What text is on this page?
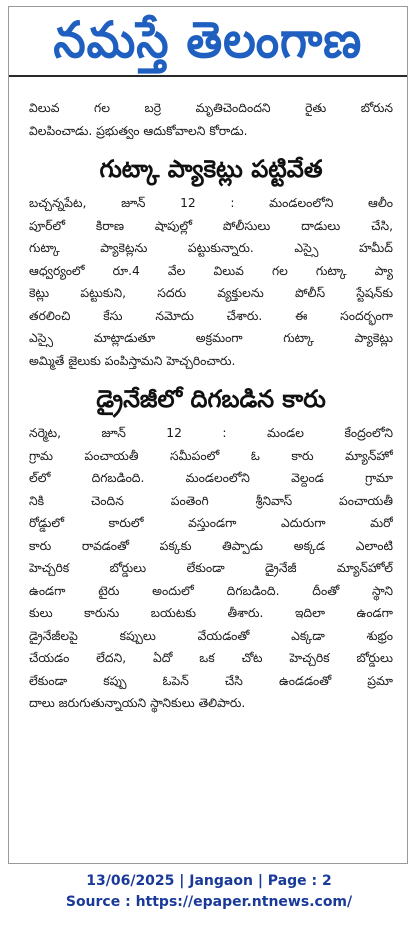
నమస్తే తెలంగాణ

విలువ గల బర్రె మృతిచెందిందని రైతు బోరున

విలపించాడు. ప్రభుత్వం ఆదుకోవాలని కోరాడు.

గుట్కా ప్యాకెట్లు పట్టివేత

బచ్చన్నపేట, జూన్ 12 : మండలంలోని ఆలీం

పూర్‌లో కిరాణ షాపుల్లో పోలీసులు దాడులు చేసి,

గుట్కా ప్యాకెట్లను పట్టుకున్నారు. ఎస్సై హమీద్

ఆధ్వర్యంలో రూ.4 వేల విలువ గల గుట్కా ప్యా

కెట్లు పట్టుకుని, సదరు వ్యక్తులను పోలీస్ స్టేషన్‌కు

తరలించి కేసు నమోదు చేశారు. ఈ సందర్భంగా

ఎస్సై మాట్లాడుతూ అక్రమంగా గుట్కా ప్యాకెట్లు

అమ్మితే జైలుకు పంపిస్తామని హెచ్చరించారు.

డ్రైనేజీలో దిగబడిన కారు

నర్మెట, జూన్ 12 : మండల కేంద్రంలోని

గ్రామ పంచాయతీ సమీపంలో ఓ కారు మ్యాన్‌హో

ల్‌లో దిగబడింది. మండలంలోని వెల్దండ గ్రామా

నికి చెందిన పంతెంగి శ్రీనివాస్ పంచాయతీ

రోడ్డులో కారులో వస్తుండగా ఎదురుగా మరో

కారు రావడంతో పక్కకు తిప్పాడు అక్కడ ఎలాంటి

హెచ్చరిక బోర్డులు లేకుండా డ్రైనేజీ మ్యాన్‌హోల్

ఉండగా టైరు అందులో దిగబడింది. దీంతో స్థాని

కులు కారును బయటకు తీశారు. ఇదిలా ఉండగా

డ్రైనేజీలపై కప్పులు వేయడంతో ఎక్కడా శుభ్రం

చేయడం లేదని, ఏదో ఒక చోట హెచ్చరిక బోర్డులు

లేకుండా కప్పు ఓపెన్ చేసి ఉండడంతో ప్రమా

దాలు జరుగుతున్నాయని స్థానికులు తెలిపారు.

13/06/2025 | Jangaon | Page : 2
Source : https://epaper.ntnews.com/
